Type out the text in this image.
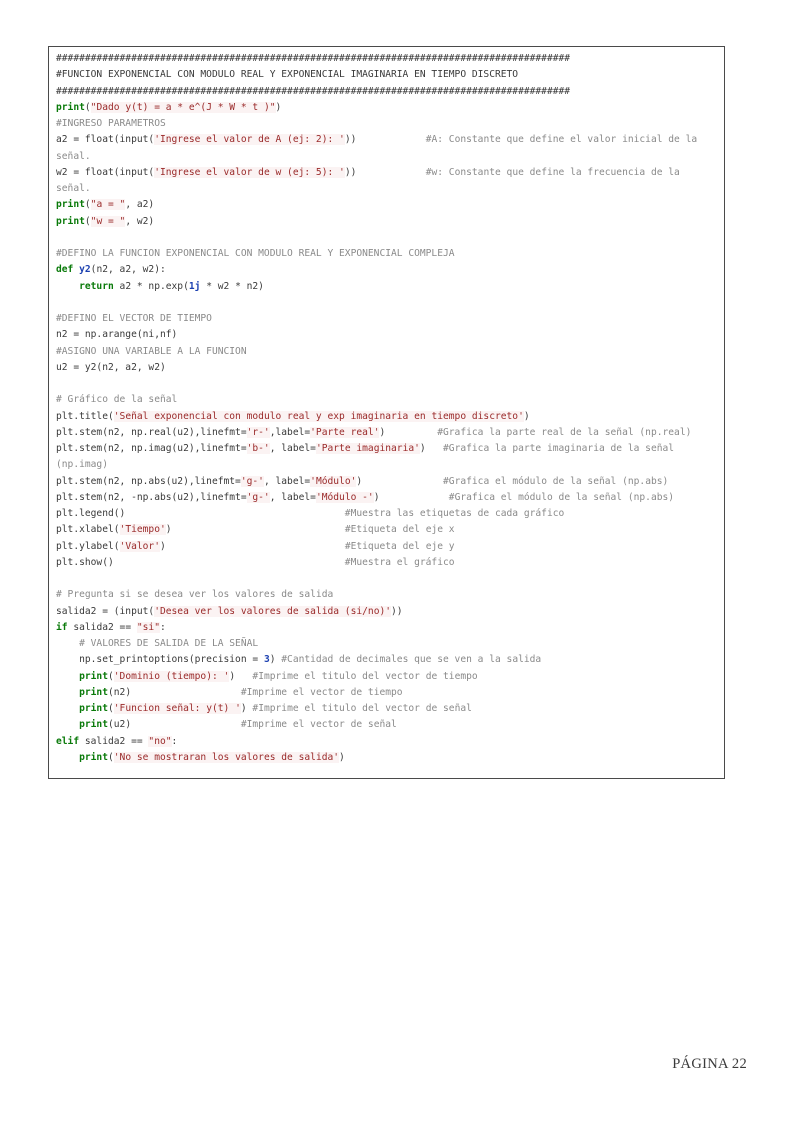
#########################################################################################
#FUNCION EXPONENCIAL CON MODULO REAL Y EXPONENCIAL IMAGINARIA EN TIEMPO DISCRETO
#########################################################################################
print("Dado y(t) = a * e^(J * W * t )")
#INGRESO PARAMETROS
a2 = float(input('Ingrese el valor de A (ej: 2): '))            #A: Constante que define el valor inicial de la
señal.
w2 = float(input('Ingrese el valor de w (ej: 5): '))            #w: Constante que define la frecuencia de la
señal.
print("a = ", a2)
print("w = ", w2)

#DEFINO LA FUNCION EXPONENCIAL CON MODULO REAL Y EXPONENCIAL COMPLEJA
def y2(n2, a2, w2):
return a2 * np.exp(1j * w2 * n2)

#DEFINO EL VECTOR DE TIEMPO
n2 = np.arange(ni,nf)
#ASIGNO UNA VARIABLE A LA FUNCION
u2 = y2(n2, a2, w2)

# Gráfico de la señal
plt.title('Señal exponencial con modulo real y exp imaginaria en tiempo discreto')
plt.stem(n2, np.real(u2),linefmt='r-',label='Parte real')         #Grafica la parte real de la señal (np.real)
plt.stem(n2, np.imag(u2),linefmt='b-', label='Parte imaginaria')   #Grafica la parte imaginaria de la señal
(np.imag)
plt.stem(n2, np.abs(u2),linefmt='g-', label='Módulo')              #Grafica el módulo de la señal (np.abs)
plt.stem(n2, -np.abs(u2),linefmt='g-', label='Módulo -')            #Grafica el módulo de la señal (np.abs)
plt.legend()                                      #Muestra las etiquetas de cada gráfico
plt.xlabel('Tiempo')                              #Etiqueta del eje x
plt.ylabel('Valor')                               #Etiqueta del eje y
plt.show()                                        #Muestra el gráfico

# Pregunta si se desea ver los valores de salida
salida2 = (input('Desea ver los valores de salida (si/no)'))
if salida2 == "si":
# VALORES DE SALIDA DE LA SEÑAL
np.set_printoptions(precision = 3) #Cantidad de decimales que se ven a la salida
print('Dominio (tiempo): ')   #Imprime el titulo del vector de tiempo
print(n2)                   #Imprime el vector de tiempo
print('Funcion señal: y(t) ') #Imprime el titulo del vector de señal
print(u2)                   #Imprime el vector de señal
elif salida2 == "no":
print('No se mostraran los valores de salida')
PÁGINA 22
